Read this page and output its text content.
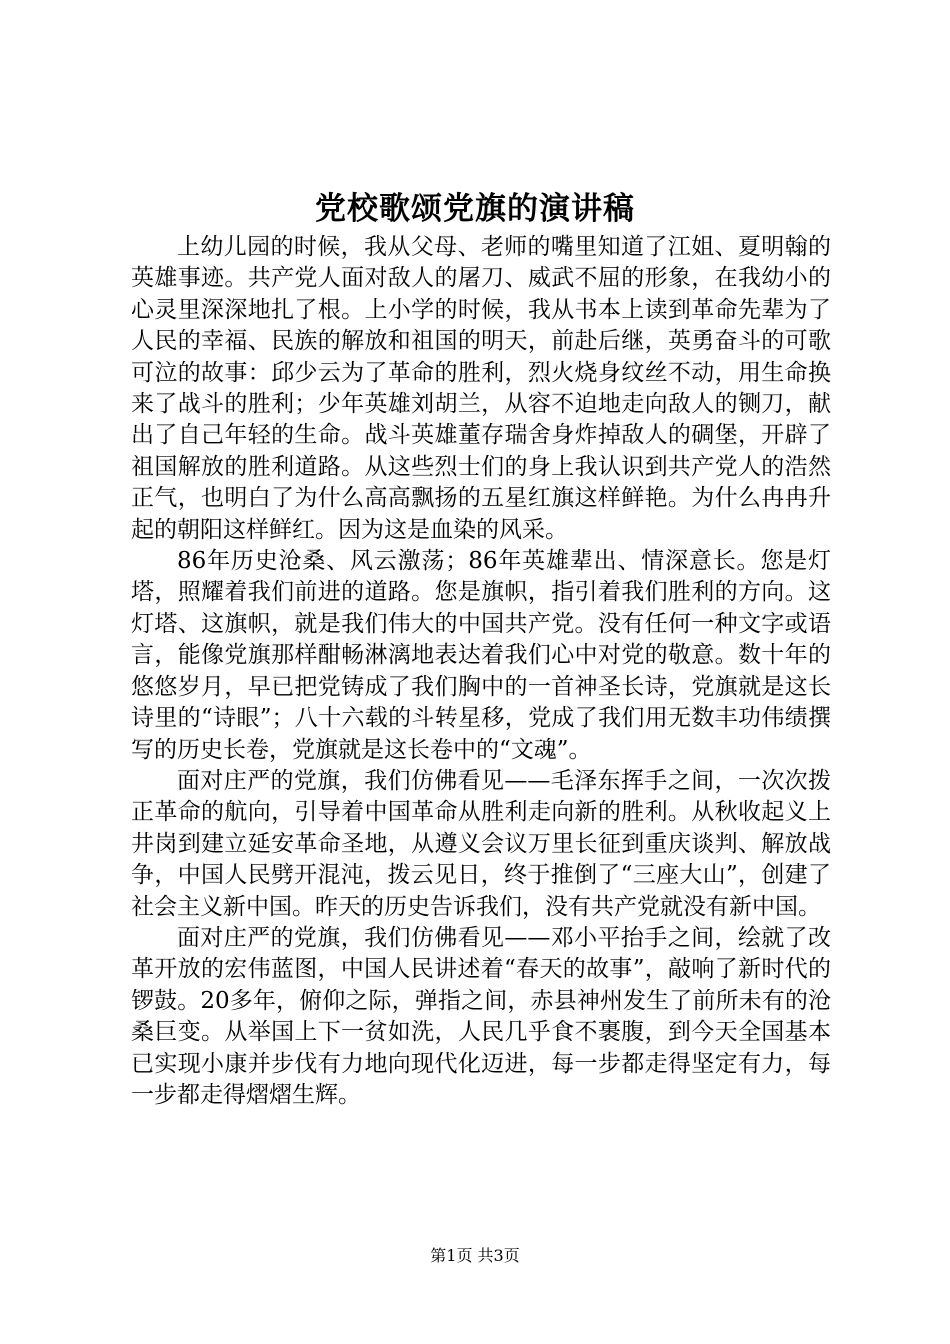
党校歌颂党旗的演讲稿

上幼儿园的时候，我从父母、老师的嘴里知道了江姐、夏明翰的英雄事迹。共产党人面对敌人的屠刀、威武不屈的形象，在我幼小的心灵里深深地扎了根。上小学的时候，我从书本上读到革命先辈为了人民的幸福、民族的解放和祖国的明天，前赴后继，英勇奋斗的可歌可泣的故事：邱少云为了革命的胜利，烈火烧身纹丝不动，用生命换来了战斗的胜利；少年英雄刘胡兰，从容不迫地走向敌人的铡刀，献出了自己年轻的生命。战斗英雄董存瑞舍身炸掉敌人的碉堡，开辟了祖国解放的胜利道路。从这些烈士们的身上我认识到共产党人的浩然正气，也明白了为什么高高飘扬的五星红旗这样鲜艳。为什么冉冉升起的朝阳这样鲜红。因为这是血染的风采。

86年历史沧桑、风云激荡；86年英雄辈出、情深意长。您是灯塔，照耀着我们前进的道路。您是旗帜，指引着我们胜利的方向。这灯塔、这旗帜，就是我们伟大的中国共产党。没有任何一种文字或语言，能像党旗那样酣畅淋漓地表达着我们心中对党的敬意。数十年的悠悠岁月，早已把党铸成了我们胸中的一首神圣长诗，党旗就是这长诗里的“诗眼”；八十六载的斗转星移，党成了我们用无数丰功伟绩撰写的历史长卷，党旗就是这长卷中的“文魂”。

面对庄严的党旗，我们仿佛看见——毛泽东挥手之间，一次次拨正革命的航向，引导着中国革命从胜利走向新的胜利。从秋收起义上井岗到建立延安革命圣地，从遵义会议万里长征到重庆谈判、解放战争，中国人民劈开混沌，拨云见日，终于推倒了“三座大山”，创建了社会主义新中国。昨天的历史告诉我们，没有共产党就没有新中国。

面对庄严的党旗，我们仿佛看见——邓小平抬手之间，绘就了改革开放的宏伟蓝图，中国人民讲述着“春天的故事”，敲响了新时代的锣鼓。20多年，俯仰之际，弹指之间，赤县神州发生了前所未有的沧桑巨变。从举国上下一贫如洗，人民几乎食不裹腹，到今天全国基本已实现小康并步伐有力地向现代化迈进，每一步都走得坚定有力，每一步都走得熠熠生辉。

第1页 共3页
